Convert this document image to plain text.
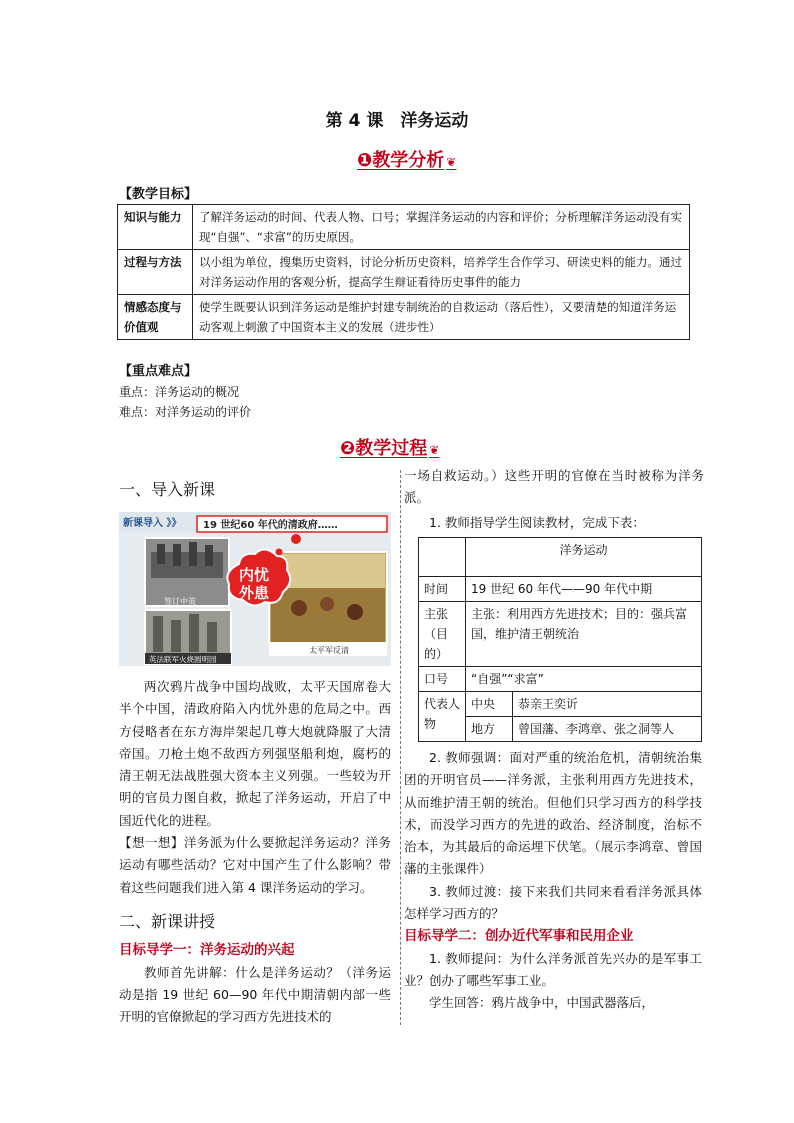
第 4 课　洋务运动
❶教学分析 ❦
【教学目标】
知识与能力	了解洋务运动的时间、代表人物、口号；掌握洋务运动的内容和评价；分析理解洋务运动没有实现“自强”、“求富”的历史原因。
过程与方法	以小组为单位，搜集历史资料，讨论分析历史资料，培养学生合作学习、研读史料的能力。通过对洋务运动作用的客观分析，提高学生辩证看待历史事件的能力
情感态度与价值观	使学生既要认识到洋务运动是维护封建专制统治的自救运动（落后性），又要清楚的知道洋务运动客观上刺激了中国资本主义的发展（进步性）
【重点难点】
重点：洋务运动的概况
难点：对洋务运动的评价
❷教学过程 ❦
一、导入新课
新课导入 》》 19 世纪60 年代的清政府……
签订中英
英法联军火烧圆明园
太平军反清
内忧
外患
两次鸦片战争中国均战败，太平天国席卷大半个中国，清政府陷入内忧外患的危局之中。西方侵略者在东方海岸架起几尊大炮就降服了大清帝国。刀枪土炮不敌西方列强坚船利炮，腐朽的清王朝无法战胜强大资本主义列强。一些较为开明的官员力图自救，掀起了洋务运动，开启了中国近代化的进程。
【想一想】洋务派为什么要掀起洋务运动？洋务运动有哪些活动？它对中国产生了什么影响？带着这些问题我们进入第 4 课洋务运动的学习。
二、新课讲授
目标导学一：洋务运动的兴起
教师首先讲解：什么是洋务运动？（洋务运动是指 19 世纪 60—90 年代中期清朝内部一些开明的官僚掀起的学习西方先进技术的
一场自救运动。）这些开明的官僚在当时被称为洋务派。
1. 教师指导学生阅读教材，完成下表：
	洋务运动	
时间	19 世纪 60 年代——90 年代中期	
主张（目的）	主张：利用西方先进技术；目的：强兵富国，维护清王朝统治	
口号	“自强”“求富”	
代表人物	中央	恭亲王奕䜣
	地方	曾国藩、李鸿章、张之洞等人
2. 教师强调：面对严重的统治危机，清朝统治集团的开明官员——洋务派，主张利用西方先进技术，从而维护清王朝的统治。但他们只学习西方的科学技术，而没学习西方的先进的政治、经济制度，治标不治本，为其最后的命运埋下伏笔。（展示李鸿章、曾国藩的主张课件）
3. 教师过渡：接下来我们共同来看看洋务派具体怎样学习西方的？
目标导学二：创办近代军事和民用企业
1. 教师提问：为什么洋务派首先兴办的是军事工业？创办了哪些军事工业。
学生回答：鸦片战争中，中国武器落后，
